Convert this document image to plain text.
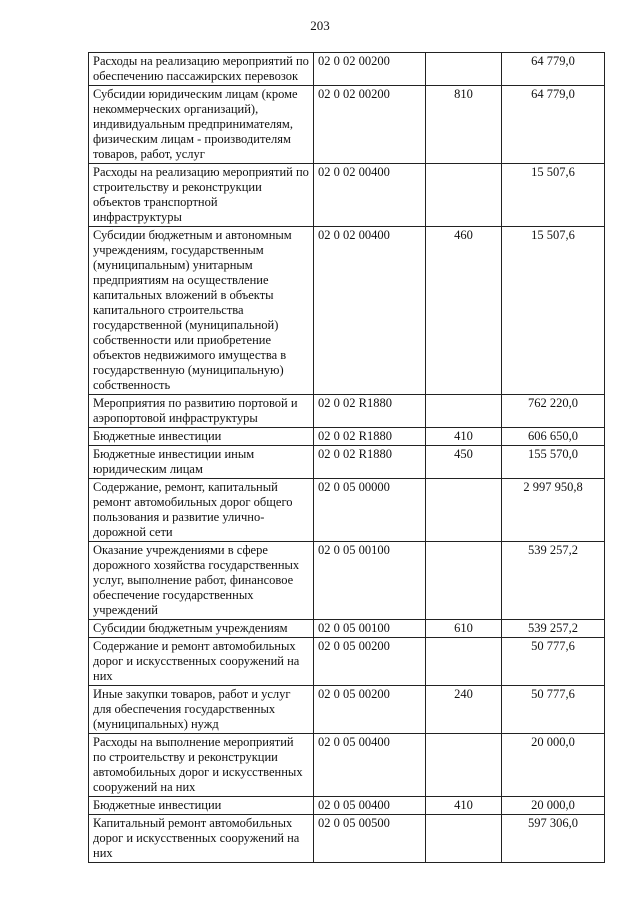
203
Расходы на реализацию мероприятий по обеспечению пассажирских перевозок	02 0 02 00200		64 779,0
Субсидии юридическим лицам (кроме некоммерческих организаций), индивидуальным предпринимателям, физическим лицам - производителям товаров, работ, услуг	02 0 02 00200	810	64 779,0
Расходы на реализацию мероприятий по строительству и реконструкции объектов транспортной инфраструктуры	02 0 02 00400		15 507,6
Субсидии бюджетным и автономным учреждениям, государственным (муниципальным) унитарным предприятиям на осуществление капитальных вложений в объекты капитального строительства государственной (муниципальной) собственности или приобретение объектов недвижимого имущества в государственную (муниципальную) собственность	02 0 02 00400	460	15 507,6
Мероприятия по развитию портовой и аэропортовой инфраструктуры	02 0 02 R1880		762 220,0
Бюджетные инвестиции	02 0 02 R1880	410	606 650,0
Бюджетные инвестиции иным юридическим лицам	02 0 02 R1880	450	155 570,0
Содержание, ремонт, капитальный ремонт автомобильных дорог общего пользования и развитие улично-дорожной сети	02 0 05 00000		2 997 950,8
Оказание учреждениями в сфере дорожного хозяйства государственных услуг, выполнение работ, финансовое обеспечение государственных учреждений	02 0 05 00100		539 257,2
Субсидии бюджетным учреждениям	02 0 05 00100	610	539 257,2
Содержание и ремонт автомобильных дорог и искусственных сооружений на них	02 0 05 00200		50 777,6
Иные закупки товаров, работ и услуг для обеспечения государственных (муниципальных) нужд	02 0 05 00200	240	50 777,6
Расходы на выполнение мероприятий по строительству и реконструкции автомобильных дорог и искусственных сооружений на них	02 0 05 00400		20 000,0
Бюджетные инвестиции	02 0 05 00400	410	20 000,0
Капитальный ремонт автомобильных дорог и искусственных сооружений на них	02 0 05 00500		597 306,0
